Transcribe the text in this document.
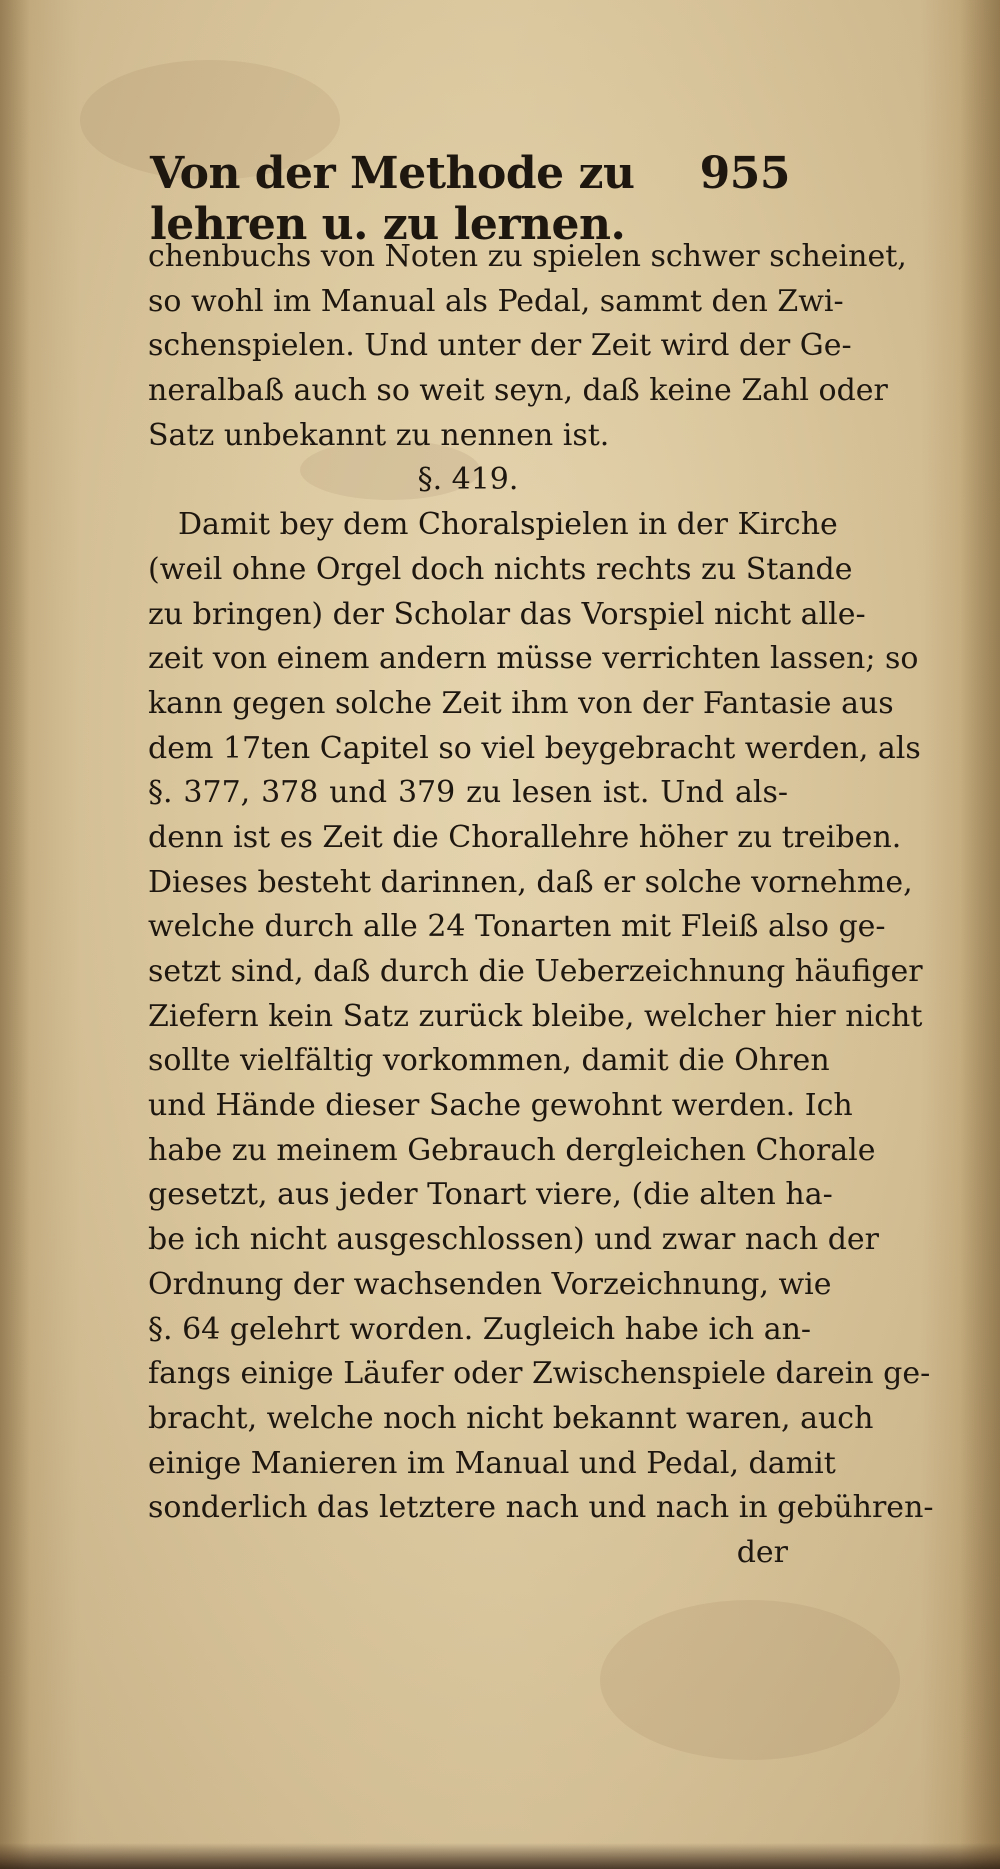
Von der Methode zu lehren u. zu lernen.
955
chenbuchs von Noten zu spielen schwer scheinet,
so wohl im Manual als Pedal, sammt den Zwi-
schenspielen. Und unter der Zeit wird der Ge-
neralbaß auch so weit seyn, daß keine Zahl oder
Satz unbekannt zu nennen ist.
§. 419.
Damit bey dem Choralspielen in der Kirche
(weil ohne Orgel doch nichts rechts zu Stande
zu bringen) der Scholar das Vorspiel nicht alle-
zeit von einem andern müsse verrichten lassen; so
kann gegen solche Zeit ihm von der Fantasie aus
dem 17ten Capitel so viel beygebracht werden, als
§. 377, 378 und 379 zu lesen ist. Und als-
denn ist es Zeit die Chorallehre höher zu treiben.
Dieses besteht darinnen, daß er solche vornehme,
welche durch alle 24 Tonarten mit Fleiß also ge-
setzt sind, daß durch die Ueberzeichnung häufiger
Ziefern kein Satz zurück bleibe, welcher hier nicht
sollte vielfältig vorkommen, damit die Ohren
und Hände dieser Sache gewohnt werden. Ich
habe zu meinem Gebrauch dergleichen Chorale
gesetzt, aus jeder Tonart viere, (die alten ha-
be ich nicht ausgeschlossen) und zwar nach der
Ordnung der wachsenden Vorzeichnung, wie
§. 64 gelehrt worden. Zugleich habe ich an-
fangs einige Läufer oder Zwischenspiele darein ge-
bracht, welche noch nicht bekannt waren, auch
einige Manieren im Manual und Pedal, damit
sonderlich das letztere nach und nach in gebühren-
der
